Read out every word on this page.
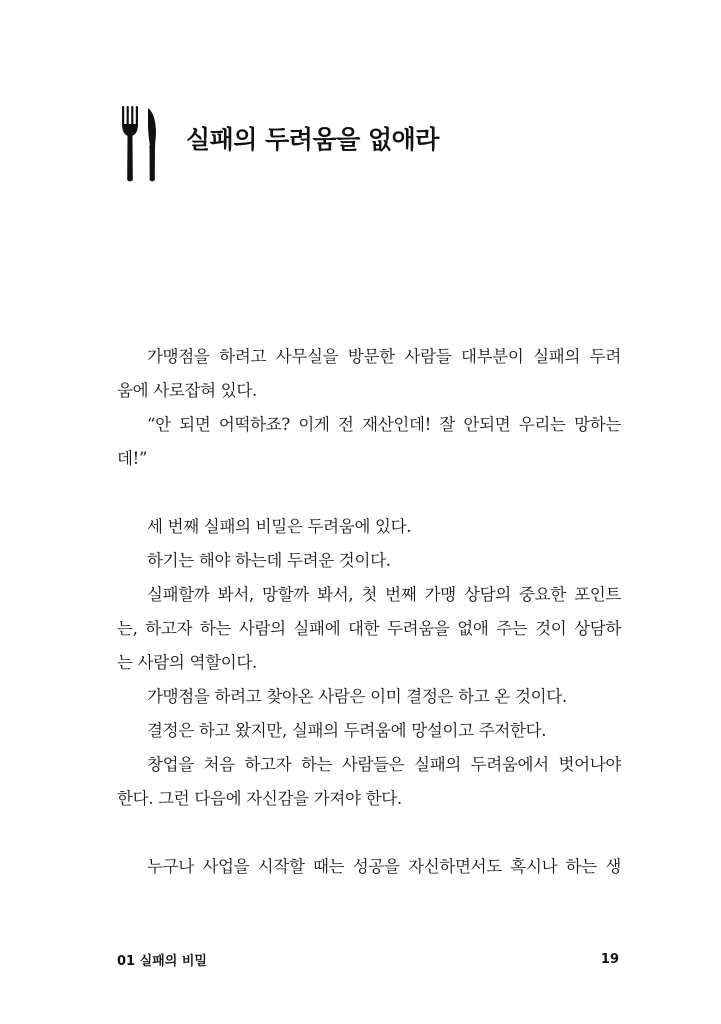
실패의 두려움을 없애라
가맹점을 하려고 사무실을 방문한 사람들 대부분이 실패의 두려
움에 사로잡혀 있다.
“안 되면 어떡하죠? 이게 전 재산인데! 잘 안되면 우리는 망하는
데!”
세 번째 실패의 비밀은 두려움에 있다.
하기는 해야 하는데 두려운 것이다.
실패할까 봐서, 망할까 봐서, 첫 번째 가맹 상담의 중요한 포인트
는, 하고자 하는 사람의 실패에 대한 두려움을 없애 주는 것이 상담하
는 사람의 역할이다.
가맹점을 하려고 찾아온 사람은 이미 결정은 하고 온 것이다.
결정은 하고 왔지만, 실패의 두려움에 망설이고 주저한다.
창업을 처음 하고자 하는 사람들은 실패의 두려움에서 벗어나야
한다. 그런 다음에 자신감을 가져야 한다.
누구나 사업을 시작할 때는 성공을 자신하면서도 혹시나 하는 생
01 실패의 비밀	19
